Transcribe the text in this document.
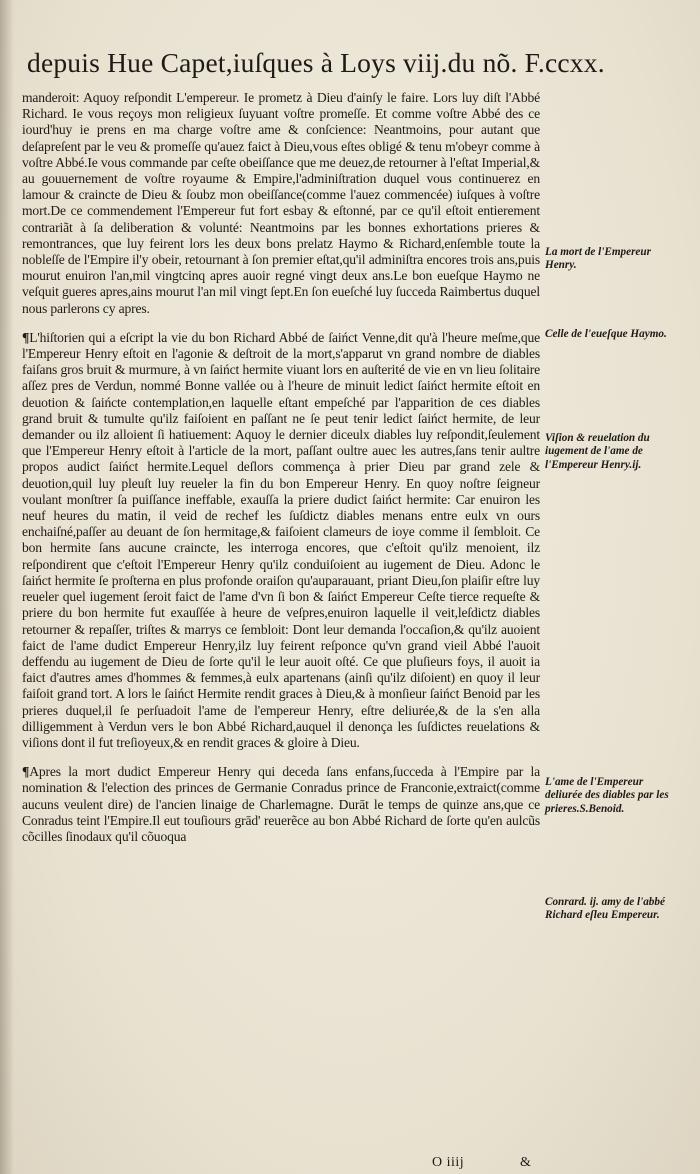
depuis Hue Capet,iuſques à Loys viij.du nõ. F.ccxx.

manderoit: Aquoy reſpondit L'empereur. Ie prometz à Dieu d'ainſy le faire. Lors luy diſt l'Abbé Richard. Ie vous reçoys mon religieux ſuyuant voſtre promeſſe. Et comme voſtre Abbé des ce iourd'huy ie prens en ma charge voſtre ame & conſcience: Neantmoins, pour autant que deſapreſent par le veu & promeſſe qu'auez faict à Dieu,vous eſtes obligé & tenu m'obeyr comme à voſtre Abbé.Ie vous commande par ceſte obeiſſance que me deuez,de retourner à l'eſtat Imperial,& au gouuernement de voſtre royaume & Empire,l'adminiſtration duquel vous continuerez en lamour & craincte de Dieu & ſoubz mon obeiſſance(comme l'auez commencée) iuſques à voſtre mort.De ce commendement l'Empereur fut fort esbay & eſtonné, par ce qu'il eſtoit entierement contrariãt à ſa deliberation & volunté: Neantmoins par les bonnes exhortations prieres & remontrances, que luy feirent lors les deux bons prelatz Haymo & Richard,enſemble toute la nobleſſe de l'Empire il'y obeir, retournant à ſon premier eſtat,qu'il adminiſtra encores trois ans,puis mourut enuiron l'an,mil vingtcinq apres auoir regné vingt deux ans.Le bon eueſque Haymo ne veſquit gueres apres,ains mourut l'an mil vingt ſept.En ſon eueſché luy ſucceda Raimbertus duquel nous parlerons cy apres.

¶L'hiſtorien qui a eſcript la vie du bon Richard Abbé de ſaińct Venne,dit qu'à l'heure meſme,que l'Empereur Henry eſtoit en l'agonie & deſtroit de la mort,s'apparut vn grand nombre de diables faiſans gros bruit & murmure, à vn ſaińct hermite viuant lors en auſterité de vie en vn lieu ſolitaire aſſez pres de Verdun, nommé Bonne vallée ou à l'heure de minuit ledict ſaińct hermite eſtoit en deuotion & ſaińcte contemplation,en laquelle eſtant empeſché par l'apparition de ces diables grand bruit & tumulte qu'ilz faiſoient en paſſant ne ſe peut tenir ledict ſaińct hermite, de leur demander ou ilz alloient ſi hatiuement: Aquoy le dernier diceulx diables luy reſpondit,ſeulement que l'Empereur Henry eſtoit à l'article de la mort, paſſant oultre auec les autres,ſans tenir aultre propos audict ſaińct hermite.Lequel deſlors commença à prier Dieu par grand zele & deuotion,quil luy pleuſt luy reueler la fin du bon Empereur Henry. En quoy noſtre ſeigneur voulant monſtrer ſa puiſſance ineffable, exauſſa la priere dudict ſaińct hermite: Car enuiron les neuf heures du matin, il veid de rechef les ſuſdictz diables menans entre eulx vn ours enchaiſné,paſſer au deuant de ſon hermitage,& faiſoient clameurs de ioye comme il ſembloit. Ce bon hermite ſans aucune craincte, les interroga encores, que c'eſtoit qu'ilz menoient, ilz reſpondirent que c'eſtoit l'Empereur Henry qu'ilz conduiſoient au iugement de Dieu. Adonc le ſaińct hermite ſe proſterna en plus profonde oraiſon qu'auparauant, priant Dieu,ſon plaiſir eſtre luy reueler quel iugement ſeroit faict de l'ame d'vn ſi bon & ſaińct Empereur Ceſte tierce requeſte & priere du bon hermite fut exauſſée à heure de veſpres,enuiron laquelle il veit,leſdictz diables retourner & repaſſer, triſtes & marrys ce ſembloit: Dont leur demanda l'occaſion,& qu'ilz auoient faict de l'ame dudict Empereur Henry,ilz luy feirent reſponce qu'vn grand vieil Abbé l'auoit deffendu au iugement de Dieu de ſorte qu'il le leur auoit oſté. Ce que pluſieurs foys, il auoit ia faict d'autres ames d'hommes & femmes,à eulx apartenans (ainſi qu'ilz diſoient) en quoy il leur faiſoit grand tort. A lors le ſaińct Hermite rendit graces à Dieu,& à monſieur ſaińct Benoid par les prieres duquel,il ſe perſuadoit l'ame de l'empereur Henry, eſtre deliurée,& de la s'en alla dilligemment à Verdun vers le bon Abbé Richard,auquel il denonça les ſuſdictes reuelations & viſions dont il fut treſioyeux,& en rendit graces & gloire à Dieu.

¶Apres la mort dudict Empereur Henry qui deceda ſans enfans,ſucceda à l'Empire par la nomination & l'election des princes de Germanie Conradus prince de Franconie,extraict(comme aucuns veulent dire) de l'ancien linaige de Charlemagne. Durāt le temps de quinze ans,que ce Conradus teint l'Empire.Il eut touſiours grād' reuerẽce au bon Abbé Richard de ſorte qu'en aulcũs cõcilles ſinodaux qu'il cõuoqua

La mort de l'Empereur Henry.
Celle de l'eueſque Haymo.
Viſion & reuelation du iugement de l'ame de l'Empereur Henry.ij.
L'ame de l'Empereur deliurée des diables par les prieres.S.Benoid.
Conrard. ij. amy de l'abbé Richard eſleu Empereur.
O iiij	&
